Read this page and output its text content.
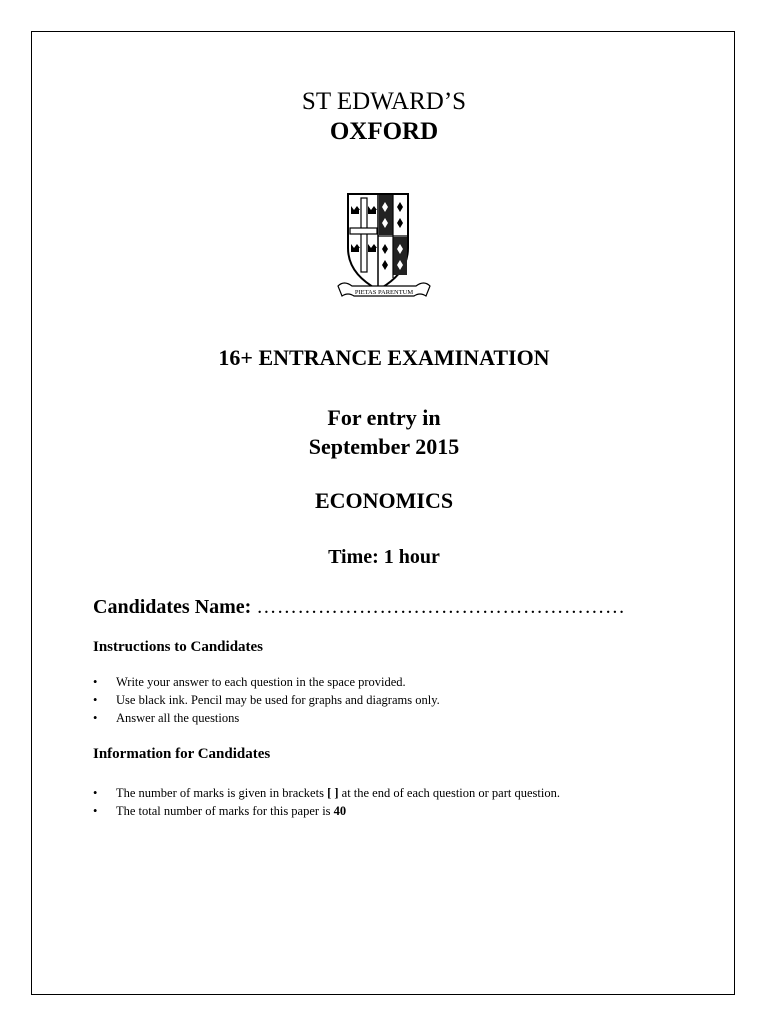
ST EDWARD’S
OXFORD
PIETAS PARENTUM
16+ ENTRANCE EXAMINATION
For entry in
September 2015
ECONOMICS
Time: 1 hour
Candidates Name: ………………………………………………
Instructions to Candidates
• Write your answer to each question in the space provided.
• Use black ink. Pencil may be used for graphs and diagrams only.
• Answer all the questions
Information for Candidates
• The number of marks is given in brackets [ ] at the end of each question or part question.
• The total number of marks for this paper is 40
